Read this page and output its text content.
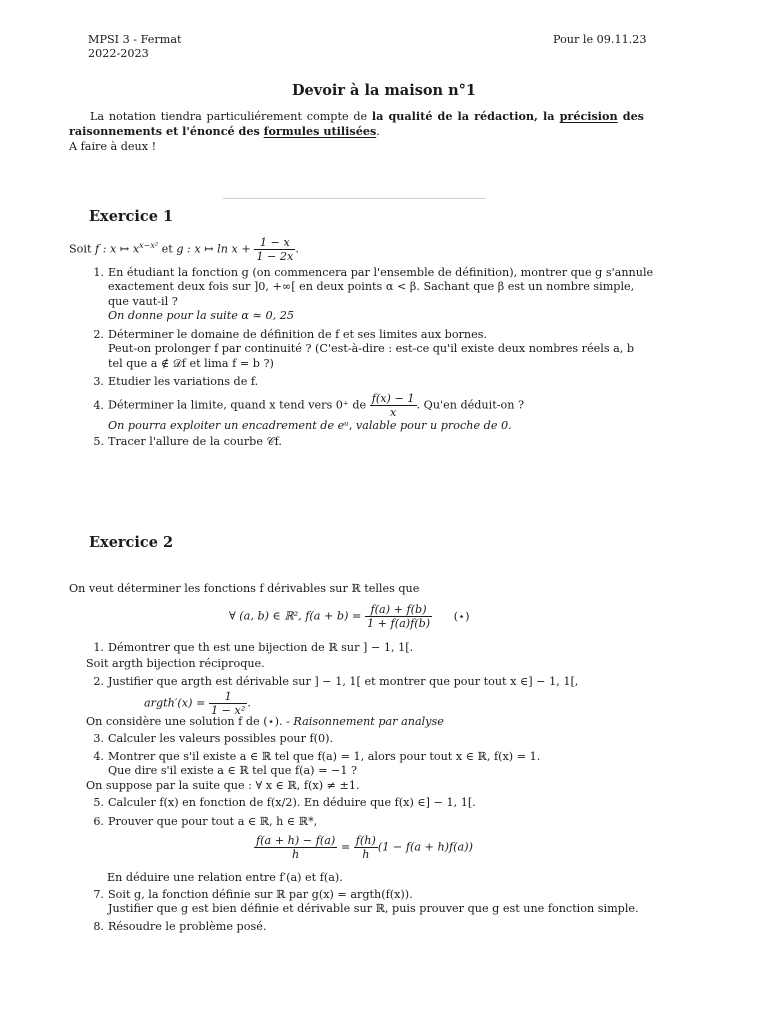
MPSI 3 - Fermat
2022-2023
Pour le 09.11.23
Devoir à la maison n°1
La notation tiendra particuliérement compte de la qualité de la rédaction, la précision des raisonnements et l'énoncé des formules utilisées.
A faire à deux !
Exercice 1
Soit f : x ↦ $x^{x-x^2}$ et g : x ↦ $\ln x + \frac{1 - x}{1 - 2x}$ .
1. En étudiant la fonction g (on commencera par l'ensemble de définition), montrer que g s'annule
exactement deux fois sur ]0, +∞[ en deux points α < β. Sachant que β est un nombre simple,
que vaut-il ?
On donne pour la suite α ≈ 0, 25
2. Déterminer le domaine de définition de f et ses limites aux bornes.
Peut-on prolonger f par continuité ? (C'est-à-dire : est-ce qu'il existe deux nombres réels a, b
tel que a ∉ 𝒟f et lima f = b ?)
3. Etudier les variations de f.
4. Déterminer la limite, quand x tend vers 0⁺ de $\frac{f(x) - 1}{x}$ . Qu'en déduit-on ?
On pourra exploiter un encadrement de eᵘ, valable pour u proche de 0.
5. Tracer l'allure de la courbe 𝒞f.
Exercice 2
On veut déterminer les fonctions f dérivables sur ℝ telles que
∀ (a, b) ∈ ℝ², $f(a + b) = \frac{f(a) + f(b)}{1 + f(a)f(b)}$ (⋆)
1. Démontrer que th est une bijection de ℝ sur ] − 1, 1[.
Soit argth bijection réciproque.
2. Justifier que argth est dérivable sur ] − 1, 1[ et montrer que pour tout x ∈] − 1, 1[,
argth′(x) = $\frac{1}{\text{1 − x²}}$ .
On considère une solution f de (⋆). - Raisonnement par analyse
3. Calculer les valeurs possibles pour f(0).
4. Montrer que s'il existe a ∈ ℝ tel que f(a) = 1, alors pour tout x ∈ ℝ, f(x) = 1.
Que dire s'il existe a ∈ ℝ tel que f(a) = −1 ?
On suppose par la suite que : ∀ x ∈ ℝ, f(x) ≠ ±1.
5. Calculer f(x) en fonction de f(x/2). En déduire que f(x) ∈] − 1, 1[.
6. Prouver que pour tout a ∈ ℝ, h ∈ ℝ*,
$\frac{f(a + h) - f(a)}{h} = \frac{f(h)}{h} (1 - f(a + h)f(a))$
En déduire une relation entre f′(a) et f(a).
7. Soit g, la fonction définie sur ℝ par g(x) = argth(f(x)).
Justifier que g est bien définie et dérivable sur ℝ, puis prouver que g est une fonction simple.
8. Résoudre le problème posé.
